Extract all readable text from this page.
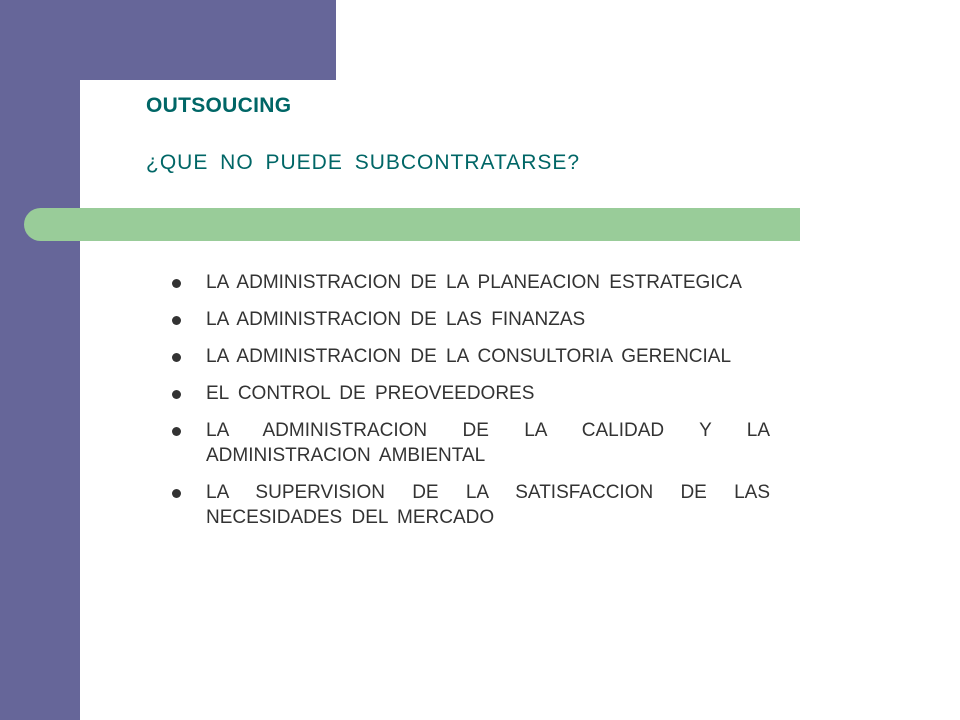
OUTSOUCING
¿QUE NO PUEDE SUBCONTRATARSE?
LA ADMINISTRACION DE LA PLANEACION ESTRATEGICA
LA ADMINISTRACION DE LAS FINANZAS
LA ADMINISTRACION DE LA CONSULTORIA GERENCIAL
EL CONTROL DE PREOVEEDORES
LA ADMINISTRACION DE LA CALIDAD Y LA ADMINISTRACION AMBIENTAL
LA SUPERVISION DE LA SATISFACCION DE LAS NECESIDADES DEL MERCADO
